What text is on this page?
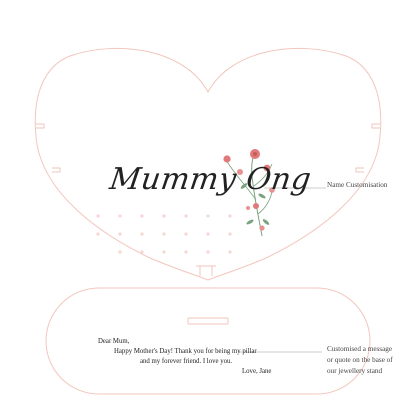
Mummy Ong Name Customisation
Customised a message
or quote on the base of
our jewellery stand
Dear Mum,
Happy Mother's Day! Thank you for being my pillar
and my forever friend. I love you.
Love, Jane
